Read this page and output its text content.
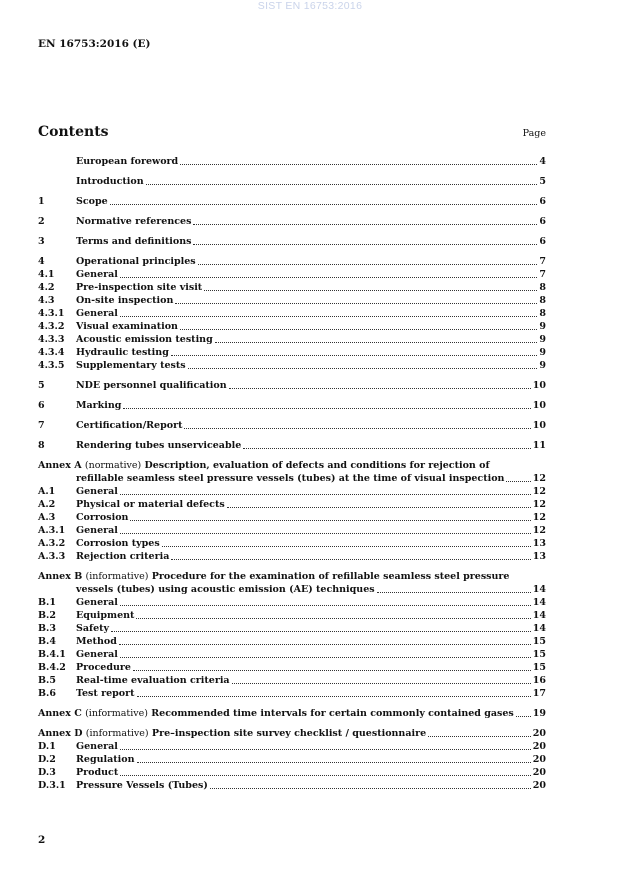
SIST EN 16753:2016
EN 16753:2016 (E)
Contents	Page
European foreword	4
Introduction	5
1	Scope	6
2	Normative references	6
3	Terms and definitions	6
4	Operational principles	7
4.1	General	7
4.2	Pre-inspection site visit	8
4.3	On-site inspection	8
4.3.1	General	8
4.3.2	Visual examination	9
4.3.3	Acoustic emission testing	9
4.3.4	Hydraulic testing	9
4.3.5	Supplementary tests	9
5	NDE personnel qualification	10
6	Marking	10
7	Certification/Report	10
8	Rendering tubes unserviceable	11
Annex A (normative) Description, evaluation of defects and conditions for rejection of
refillable seamless steel pressure vessels (tubes) at the time of visual inspection	12
A.1	General	12
A.2	Physical or material defects	12
A.3	Corrosion	12
A.3.1	General	12
A.3.2	Corrosion types	13
A.3.3	Rejection criteria	13
Annex B (informative) Procedure for the examination of refillable seamless steel pressure
vessels (tubes) using acoustic emission (AE) techniques	14
B.1	General	14
B.2	Equipment	14
B.3	Safety	14
B.4	Method	15
B.4.1	General	15
B.4.2	Procedure	15
B.5	Real-time evaluation criteria	16
B.6	Test report	17
Annex C (informative) Recommended time intervals for certain commonly contained gases 19
Annex D (informative) Pre–inspection site survey checklist / questionnaire	20
D.1	General	20
D.2	Regulation	20
D.3	Product	20
D.3.1	Pressure Vessels (Tubes)	20
2
